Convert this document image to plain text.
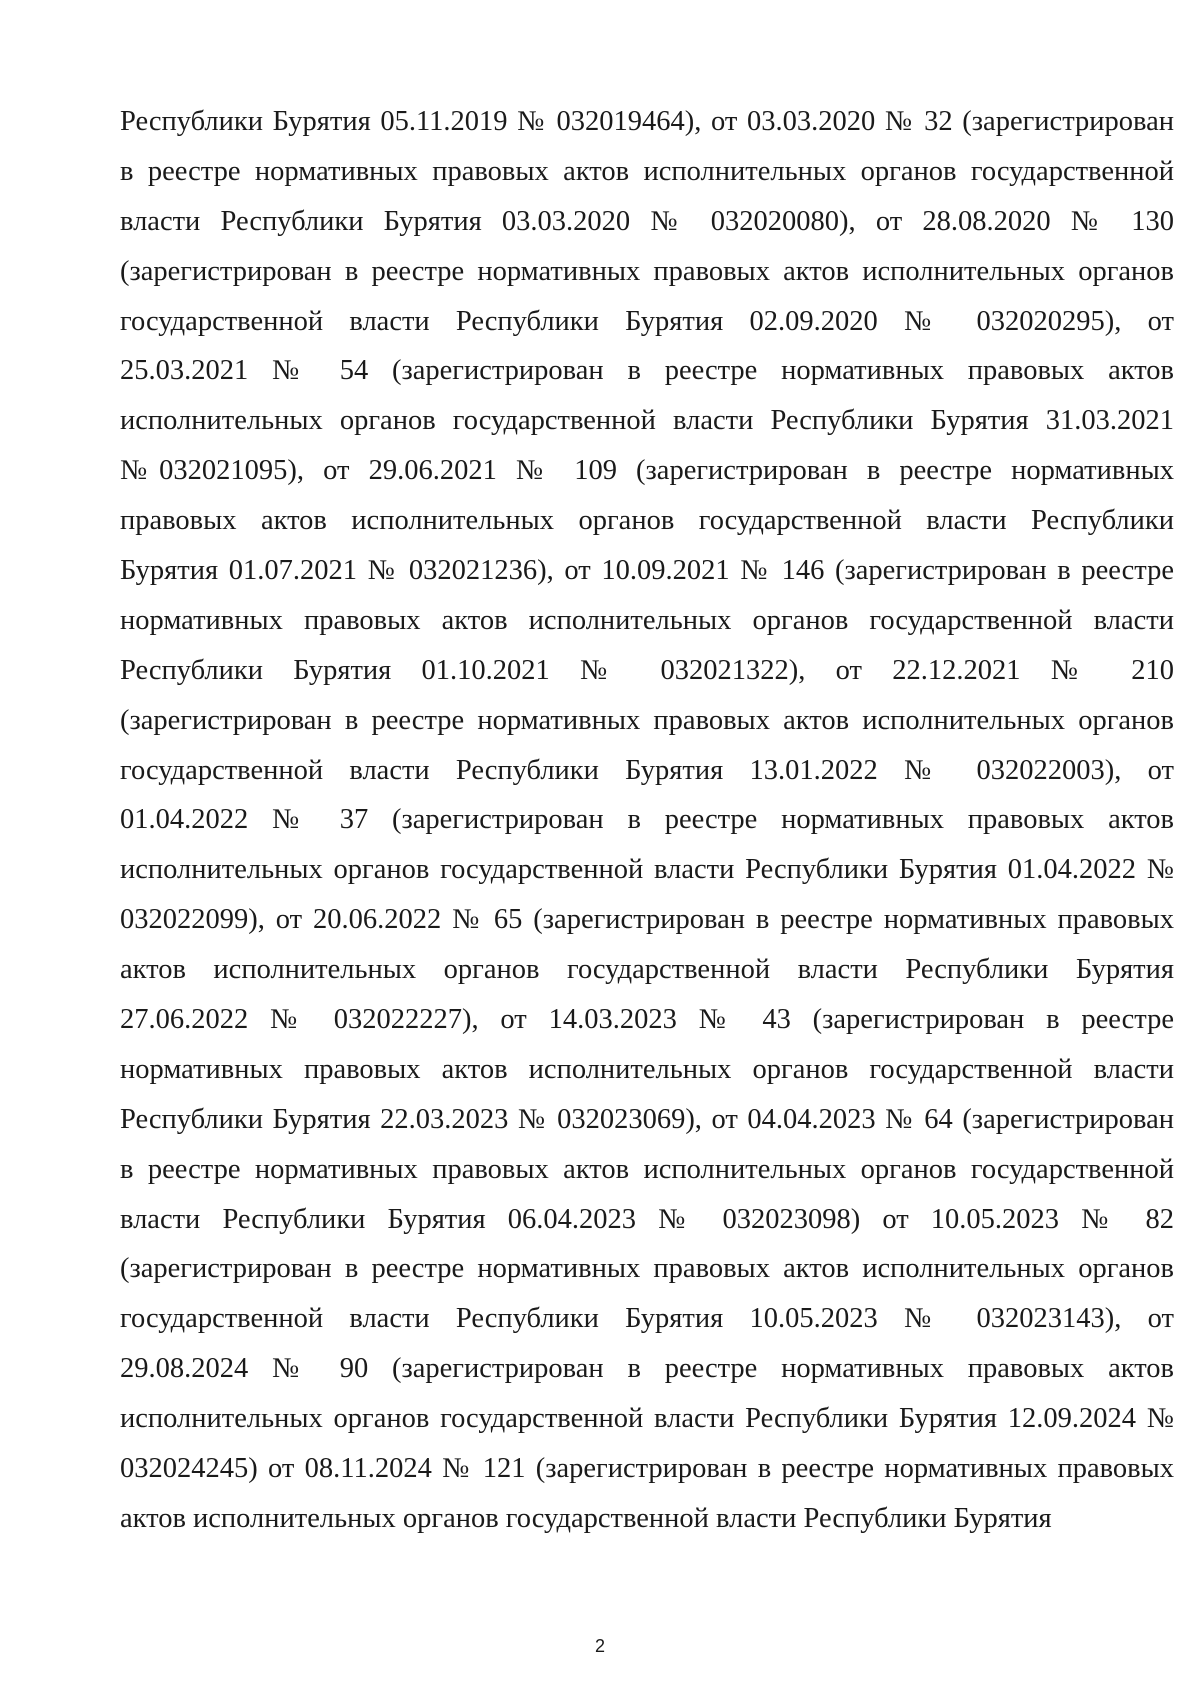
Республики Бурятия 05.11.2019 № 032019464), от 03.03.2020 № 32 (зарегистрирован
в реестре нормативных правовых актов исполнительных органов государственной
власти Республики Бурятия 03.03.2020 № 032020080), от 28.08.2020 № 130
(зарегистрирован в реестре нормативных правовых актов исполнительных органов
государственной власти Республики Бурятия 02.09.2020 № 032020295), от
25.03.2021 № 54 (зарегистрирован в реестре нормативных правовых актов
исполнительных органов государственной власти Республики Бурятия 31.03.2021
№032021095), от 29.06.2021 № 109 (зарегистрирован в реестре нормативных
правовых актов исполнительных органов государственной власти Республики
Бурятия 01.07.2021 № 032021236), от 10.09.2021 № 146 (зарегистрирован в реестре
нормативных правовых актов исполнительных органов государственной власти
Республики Бурятия 01.10.2021 № 032021322), от 22.12.2021 № 210
(зарегистрирован в реестре нормативных правовых актов исполнительных органов
государственной власти Республики Бурятия 13.01.2022 № 032022003), от
01.04.2022 № 37 (зарегистрирован в реестре нормативных правовых актов
исполнительных органов государственной власти Республики Бурятия 01.04.2022 №
032022099), от 20.06.2022 № 65 (зарегистрирован в реестре нормативных правовых
актов исполнительных органов государственной власти Республики Бурятия
27.06.2022 № 032022227), от 14.03.2023 № 43 (зарегистрирован в реестре
нормативных правовых актов исполнительных органов государственной власти
Республики Бурятия 22.03.2023 № 032023069), от 04.04.2023 № 64 (зарегистрирован
в реестре нормативных правовых актов исполнительных органов государственной
власти Республики Бурятия 06.04.2023 № 032023098) от 10.05.2023 № 82
(зарегистрирован в реестре нормативных правовых актов исполнительных органов
государственной власти Республики Бурятия 10.05.2023 № 032023143), от
29.08.2024 № 90 (зарегистрирован в реестре нормативных правовых актов
исполнительных органов государственной власти Республики Бурятия 12.09.2024 №
032024245) от 08.11.2024 № 121 (зарегистрирован в реестре нормативных правовых
актов исполнительных органов государственной власти Республики Бурятия
2
